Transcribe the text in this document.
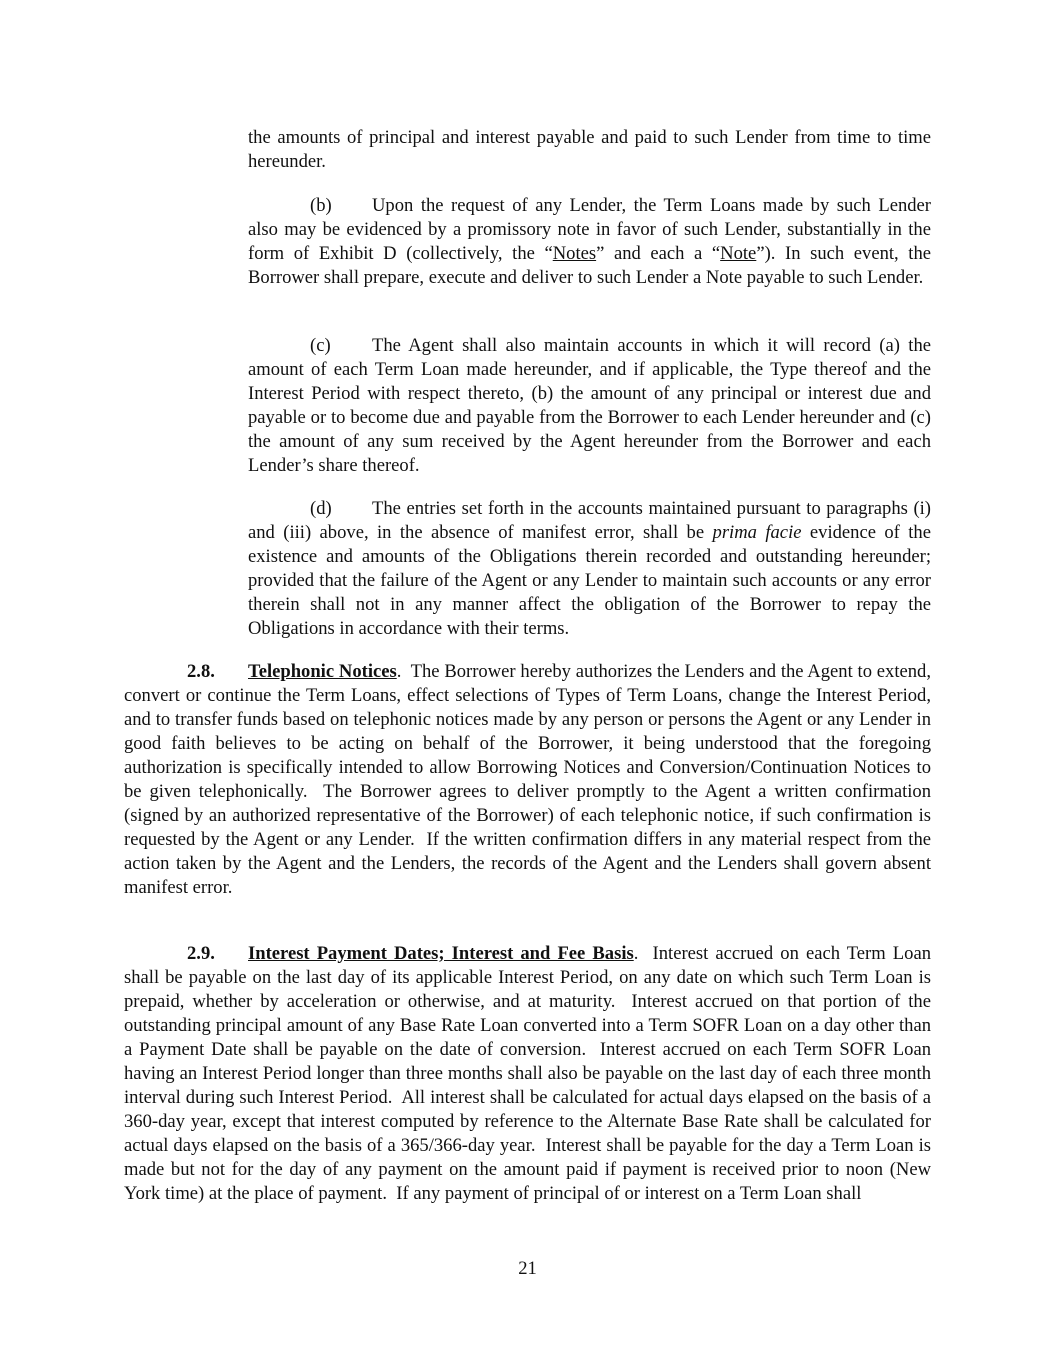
the amounts of principal and interest payable and paid to such Lender from time to time hereunder.

(b) Upon the request of any Lender, the Term Loans made by such Lender also may be evidenced by a promissory note in favor of such Lender, substantially in the form of Exhibit D (collectively, the “Notes” and each a “Note”). In such event, the Borrower shall prepare, execute and deliver to such Lender a Note payable to such Lender.

(c) The Agent shall also maintain accounts in which it will record (a) the amount of each Term Loan made hereunder, and if applicable, the Type thereof and the Interest Period with respect thereto, (b) the amount of any principal or interest due and payable or to become due and payable from the Borrower to each Lender hereunder and (c) the amount of any sum received by the Agent hereunder from the Borrower and each Lender’s share thereof.

(d) The entries set forth in the accounts maintained pursuant to paragraphs (i) and (iii) above, in the absence of manifest error, shall be prima facie evidence of the existence and amounts of the Obligations therein recorded and outstanding hereunder; provided that the failure of the Agent or any Lender to maintain such accounts or any error therein shall not in any manner affect the obligation of the Borrower to repay the Obligations in accordance with their terms.

2.8. Telephonic Notices.  The Borrower hereby authorizes the Lenders and the Agent to extend, convert or continue the Term Loans, effect selections of Types of Term Loans, change the Interest Period, and to transfer funds based on telephonic notices made by any person or persons the Agent or any Lender in good faith believes to be acting on behalf of the Borrower, it being understood that the foregoing authorization is specifically intended to allow Borrowing Notices and Conversion/Continuation Notices to be given telephonically.  The Borrower agrees to deliver promptly to the Agent a written confirmation (signed by an authorized representative of the Borrower) of each telephonic notice, if such confirmation is requested by the Agent or any Lender.  If the written confirmation differs in any material respect from the action taken by the Agent and the Lenders, the records of the Agent and the Lenders shall govern absent manifest error.

2.9. Interest Payment Dates; Interest and Fee Basis.  Interest accrued on each Term Loan shall be payable on the last day of its applicable Interest Period, on any date on which such Term Loan is prepaid, whether by acceleration or otherwise, and at maturity.  Interest accrued on that portion of the outstanding principal amount of any Base Rate Loan converted into a Term SOFR Loan on a day other than a Payment Date shall be payable on the date of conversion.  Interest accrued on each Term SOFR Loan having an Interest Period longer than three months shall also be payable on the last day of each three month interval during such Interest Period.  All interest shall be calculated for actual days elapsed on the basis of a 360-day year, except that interest computed by reference to the Alternate Base Rate shall be calculated for actual days elapsed on the basis of a 365/366-day year.  Interest shall be payable for the day a Term Loan is made but not for the day of any payment on the amount paid if payment is received prior to noon (New York time) at the place of payment.  If any payment of principal of or interest on a Term Loan shall

21
